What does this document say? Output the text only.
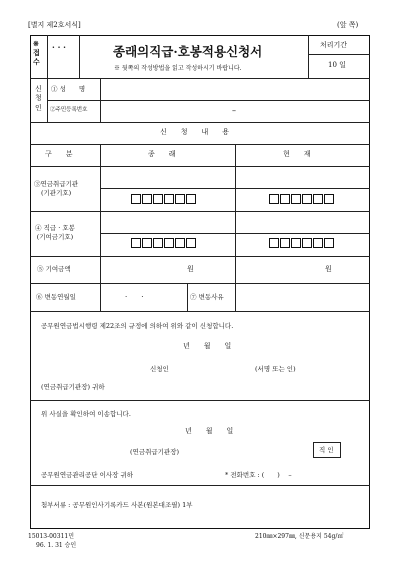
[별지 제2호서식]	(앞 쪽)
※
접
수
· · ·	종래의직급·호봉적용신청서
※ 뒷쪽의 작성방법을 읽고 작성하시기 바랍니다.
처리기간
10 일
신
청
인
① 성　　명
②주민등록번호	–
신　　청　　내　　용
구　　분	종　　래	현　　재
③연금취급기관
(기관기호)
④ 직급 · 호봉
(기여금기호)
⑤ 기여금액	원	원
⑥ 변동연월일	·　　·	⑦ 변동사유
공무원연금법시행령 제22조의 규정에 의하여 위와 같이 신청합니다.
년　　월　　일
신청인	(서명 또는 인)
(연금취급기관장) 귀하
위 사실을 확인하여 이송합니다.
년　　월　　일
(연금취급기관장)	직 인
공무원연금관리공단 이사장 귀하	* 전화번호 : (　　)　 –
첨부서류 : 공무원인사기록카드 사본(원본대조필) 1부
15013-00311민
96. 1. 31 승인
210㎜×297㎜, 신문용지 54g/㎡
